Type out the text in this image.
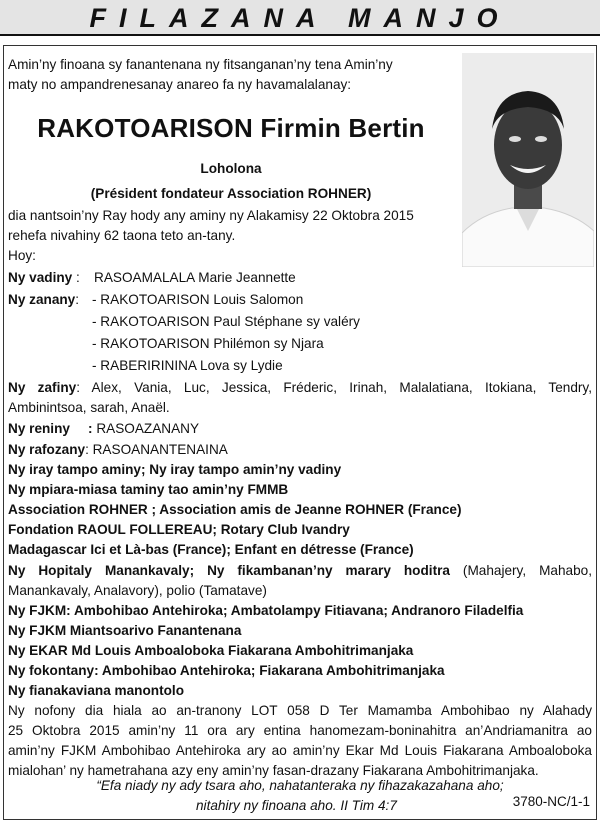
FILAZANA MANJO
Amin’ny finoana sy fanantenana ny fitsanganan’ny tena Amin’ny
maty no ampandrenesanay anareo fa ny havamalalanay:
RAKOTOARISON Firmin Bertin
Loholona
(Président fondateur Association ROHNER)
dia nantsoin’ny Ray hody any aminy ny Alakamisy 22 Oktobra 2015
rehefa nivahiny 62 taona teto an-tany.
Hoy:
Ny vadiny : RASOAMALALA Marie Jeannette
Ny zanany: - RAKOTOARISON Louis Salomon
- RAKOTOARISON Paul Stéphane sy valéry
- RAKOTOARISON Philémon sy Njara
- RABERIRININA Lova sy Lydie
Ny zafiny: Alex, Vania, Luc, Jessica, Fréderic, Irinah, Malalatiana, Itokiana, Tendry,
Ambinintsoa, sarah, Anaël.
Ny reniny : RASOAZANANY
Ny rafozany: RASOANANTENAINA
Ny iray tampo aminy; Ny iray tampo amin’ny vadiny
Ny mpiara-miasa taminy tao amin’ny FMMB
Association ROHNER ; Association amis de Jeanne ROHNER (France)
Fondation RAOUL FOLLEREAU; Rotary Club Ivandry
Madagascar Ici et Là-bas (France); Enfant en détresse (France)
Ny Hopitaly Manankavaly; Ny fikambanan’ny marary hoditra (Mahajery, Mahabo,
Manankavaly, Analavory), polio (Tamatave)
Ny FJKM: Ambohibao Antehiroka; Ambatolampy Fitiavana; Andranoro Filadelfia
Ny FJKM Miantsoarivo Fanantenana
Ny EKAR Md Louis Amboaloboka Fiakarana Ambohitrimanjaka
Ny fokontany: Ambohibao Antehiroka; Fiakarana Ambohitrimanjaka
Ny fianakaviana manontolo
Ny nofony dia hiala ao an-tranony LOT 058 D Ter Mamamba Ambohibao ny Alahady
25 Oktobra 2015 amin’ny 11 ora ary entina hanomezam-boninahitra an’Andriamanitra ao
amin’ny FJKM Ambohibao Antehiroka ary ao amin’ny Ekar Md Louis Fiakarana Amboaloboka
mialohan’ ny hametrahana azy eny amin’ny fasan-drazany Fiakarana Ambohitrimanjaka.
“Efa niady ny ady tsara aho, nahatanteraka ny fihazakazahana aho;
nitahiry ny finoana aho. II Tim 4:7	3780-NC/1-1
